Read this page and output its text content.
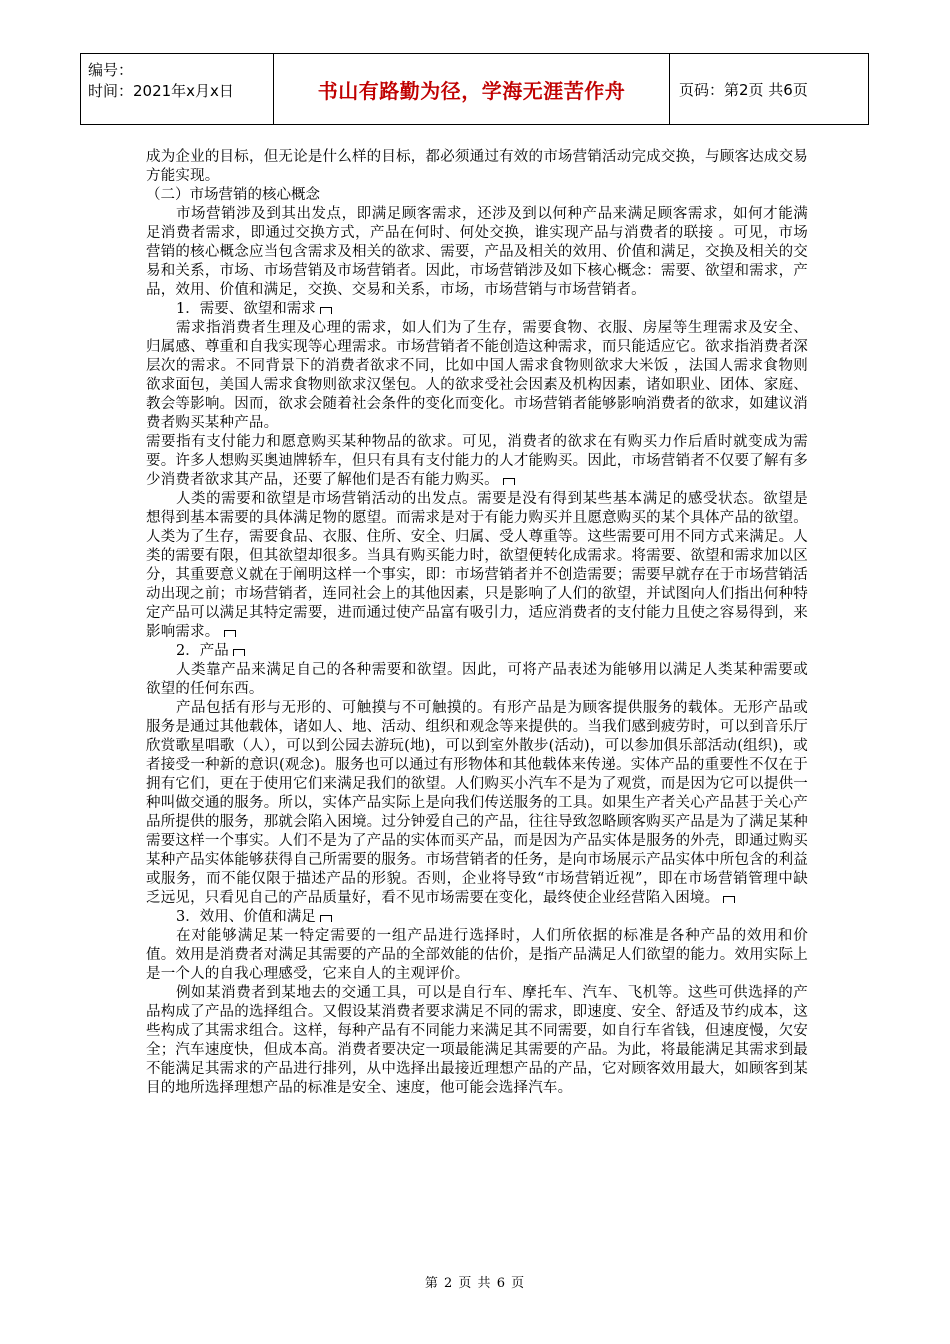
编号：
时间：2021年x月x日	书山有路勤为径，学海无涯苦作舟	页码：第2页 共6页

成为企业的目标，但无论是什么样的目标，都必须通过有效的市场营销活动完成交换，与顾客达成交易方能实现。

（二）市场营销的核心概念

市场营销涉及到其出发点，即满足顾客需求，还涉及到以何种产品来满足顾客需求，如何才能满足消费者需求，即通过交换方式，产品在何时、何处交换，谁实现产品与消费者的联接 。可见，市场营销的核心概念应当包含需求及相关的欲求、需要，产品及相关的效用、价值和满足，交换及相关的交易和关系，市场、市场营销及市场营销者。因此，市场营销涉及如下核心概念：需要、欲望和需求，产品，效用、价值和满足，交换、交易和关系，市场，市场营销与市场营销者。

1．需要、欲望和需求

需求指消费者生理及心理的需求，如人们为了生存，需要食物、衣服、房屋等生理需求及安全、 归属感、尊重和自我实现等心理需求。市场营销者不能创造这种需求，而只能适应它。欲求指消费者深层次的需求。不同背景下的消费者欲求不同，比如中国人需求食物则欲求大米饭 ，法国人需求食物则欲求面包，美国人需求食物则欲求汉堡包。人的欲求受社会因素及机构因素，诸如职业、团体、家庭、教会等影响。因而，欲求会随着社会条件的变化而变化。市场营销者能够影响消费者的欲求，如建议消费者购买某种产品。

需要指有支付能力和愿意购买某种物品的欲求。可见，消费者的欲求在有购买力作后盾时就变成为需要。许多人想购买奥迪牌轿车，但只有具有支付能力的人才能购买。因此，市场营销者不仅要了解有多少消费者欲求其产品，还要了解他们是否有能力购买。

人类的需要和欲望是市场营销活动的出发点。需要是没有得到某些基本满足的感受状态。欲望是想得到基本需要的具体满足物的愿望。而需求是对于有能力购买并且愿意购买的某个具体产品的欲望。人类为了生存，需要食品、衣服、住所、安全、归属、受人尊重等。这些需要可用不同方式来满足。人类的需要有限，但其欲望却很多。当具有购买能力时，欲望便转化成需求。将需要、欲望和需求加以区分，其重要意义就在于阐明这样一个事实，即：市场营销者并不创造需要；需要早就存在于市场营销活动出现之前；市场营销者，连同社会上的其他因素，只是影响了人们的欲望，并试图向人们指出何种特定产品可以满足其特定需要，进而通过使产品富有吸引力，适应消费者的支付能力且使之容易得到，来影响需求。

2．产品

人类靠产品来满足自己的各种需要和欲望。因此，可将产品表述为能够用以满足人类某种需要或欲望的任何东西。

产品包括有形与无形的、可触摸与不可触摸的。有形产品是为顾客提供服务的载体。无形产品或服务是通过其他载体，诸如人、地、活动、组织和观念等来提供的。当我们感到疲劳时，可以到音乐厅欣赏歌星唱歌（人），可以到公园去游玩(地)，可以到室外散步(活动)，可以参加俱乐部活动(组织)，或者接受一种新的意识(观念)。服务也可以通过有形物体和其他载体来传递。实体产品的重要性不仅在于拥有它们，更在于使用它们来满足我们的欲望。人们购买小汽车不是为了观赏，而是因为它可以提供一种叫做交通的服务。所以，实体产品实际上是向我们传送服务的工具。如果生产者关心产品甚于关心产品所提供的服务，那就会陷入困境。过分钟爱自己的产品，往往导致忽略顾客购买产品是为了满足某种需要这样一个事实。人们不是为了产品的实体而买产品，而是因为产品实体是服务的外壳，即通过购买某种产品实体能够获得自己所需要的服务。市场营销者的任务，是向市场展示产品实体中所包含的利益或服务，而不能仅限于描述产品的形貌。否则，企业将导致“市场营销近视”，即在市场营销管理中缺乏远见，只看见自己的产品质量好，看不见市场需要在变化，最终使企业经营陷入困境。

3．效用、价值和满足

在对能够满足某一特定需要的一组产品进行选择时，人们所依据的标准是各种产品的效用和价值。效用是消费者对满足其需要的产品的全部效能的估价，是指产品满足人们欲望的能力。效用实际上是一个人的自我心理感受，它来自人的主观评价。

例如某消费者到某地去的交通工具，可以是自行车、摩托车、汽车、飞机等。这些可供选择的产品构成了产品的选择组合。又假设某消费者要求满足不同的需求，即速度、安全、舒适及节约成本，这些构成了其需求组合。这样，每种产品有不同能力来满足其不同需要，如自行车省钱，但速度慢，欠安全；汽车速度快，但成本高。消费者要决定一项最能满足其需要的产品。为此，将最能满足其需求到最不能满足其需求的产品进行排列，从中选择出最接近理想产品的产品，它对顾客效用最大，如顾客到某目的地所选择理想产品的标准是安全、速度，他可能会选择汽车。

第 2 页 共 6 页
